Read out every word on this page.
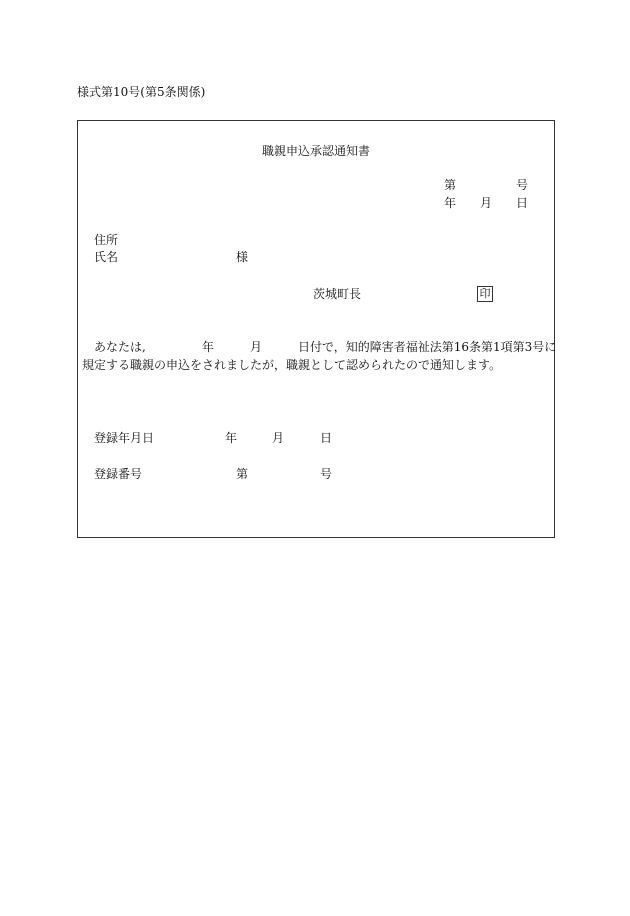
様式第10号(第5条関係)
職親申込承認通知書
第	号
年 月 日
住所
氏名	様
茨城町長	印
あなたは,	年	月	日付で，知的障害者福祉法第16条第1項第3号に
規定する職親の申込をされましたが，職親として認められたので通知します。
登録年月日	年	月	日
登録番号	第	号
